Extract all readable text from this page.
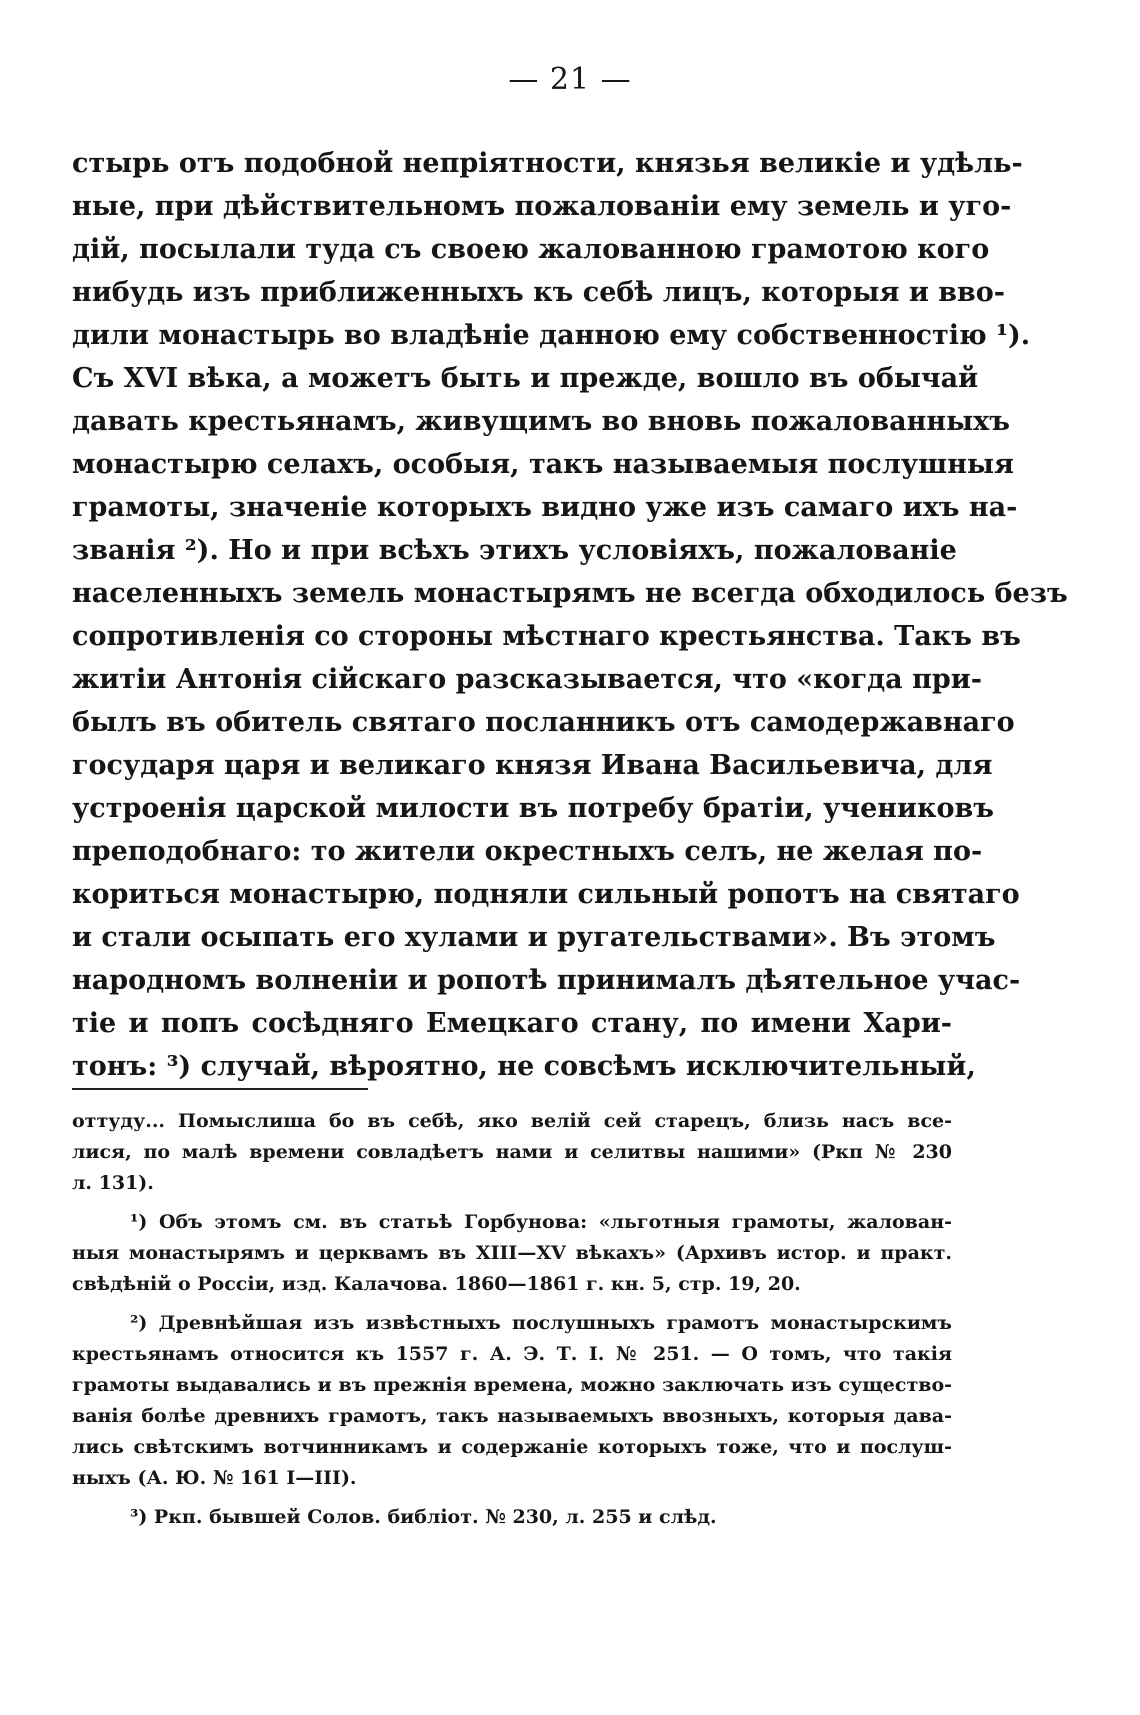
— 21 —
стырь отъ подобной непріятности, князья великіе и удѣль-
ные, при дѣйствительномъ пожалованіи ему земель и уго-
дій, посылали туда съ своею жалованною грамотою кого
нибудь изъ приближенныхъ къ себѣ лицъ, которыя и вво-
дили монастырь во владѣніе данною ему собственностію ¹).
Съ XVI вѣка, а можетъ быть и прежде, вошло въ обычай
давать крестьянамъ, живущимъ во вновь пожалованныхъ
монастырю селахъ, особыя, такъ называемыя послушныя
грамоты, значеніе которыхъ видно уже изъ самаго ихъ на-
званія ²). Но и при всѣхъ этихъ условіяхъ, пожалованіе
населенныхъ земель монастырямъ не всегда обходилось безъ
сопротивленія со стороны мѣстнаго крестьянства. Такъ въ
житіи Антонія сійскаго разсказывается, что «когда при-
былъ въ обитель святаго посланникъ отъ самодержавнаго
государя царя и великаго князя Ивана Васильевича, для
устроенія царской милости въ потребу братіи, учениковъ
преподобнаго: то жители окрестныхъ селъ, не желая по-
кориться монастырю, подняли сильный ропотъ на святаго
и стали осыпать его хулами и ругательствами». Въ этомъ
народномъ волненіи и ропотѣ принималъ дѣятельное учас-
тіе и попъ сосѣдняго Емецкаго стану, по имени Хари-
тонъ: ³) случай, вѣроятно, не совсѣмъ исключительный,
оттуду... Помыслиша бо въ себѣ, яко велій сей старецъ, близь насъ все-
лися, по малѣ времени совладѣетъ нами и селитвы нашими» (Ркп № 230
л. 131).
¹) Объ этомъ см. въ статьѣ Горбунова: «льготныя грамоты, жалован-
ныя монастырямъ и церквамъ въ XIII—XV вѣкахъ» (Архивъ истор. и практ.
свѣдѣній о Россіи, изд. Калачова. 1860—1861 г. кн. 5, стр. 19, 20.
²) Древнѣйшая изъ извѣстныхъ послушныхъ грамотъ монастырскимъ
крестьянамъ относится къ 1557 г. А. Э. Т. I. № 251. — О томъ, что такія
грамоты выдавались и въ прежнія времена, можно заключать изъ существо-
ванія болѣе древнихъ грамотъ, такъ называемыхъ ввозныхъ, которыя дава-
лись свѣтскимъ вотчинникамъ и содержаніе которыхъ тоже, что и послуш-
ныхъ (А. Ю. № 161 I—III).
³) Ркп. бывшей Солов. библіот. № 230, л. 255 и слѣд.
